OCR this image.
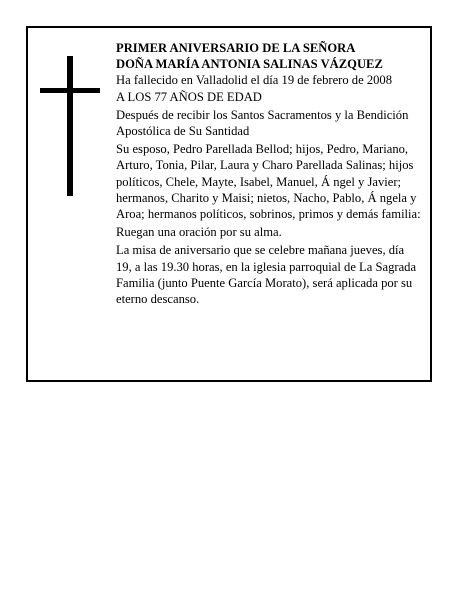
PRIMER ANIVERSARIO DE LA SEÑORA

DOÑA MARÍA ANTONIA SALINAS VÁZQUEZ

Ha fallecido en Valladolid el día 19 de febrero de 2008

A LOS 77 AÑOS DE EDAD

Después de recibir los Santos Sacramentos y la Bendición Apostólica de Su Santidad

Su esposo, Pedro Parellada Bellod; hijos, Pedro, Mariano, Arturo, Tonia, Pilar, Laura y Charo Parellada Salinas; hijos políticos, Chele, Mayte, Isabel, Manuel, Á ngel y Javier; hermanos, Charito y Maisi; nietos, Nacho, Pablo, Á ngela y Aroa; hermanos políticos, sobrinos, primos y demás familia:

Ruegan una oración por su alma.

La misa de aniversario que se celebre mañana jueves, día 19, a las 19.30 horas, en la iglesia parroquial de La Sagrada Familia (junto Puente García Morato), será aplicada por su eterno descanso.
